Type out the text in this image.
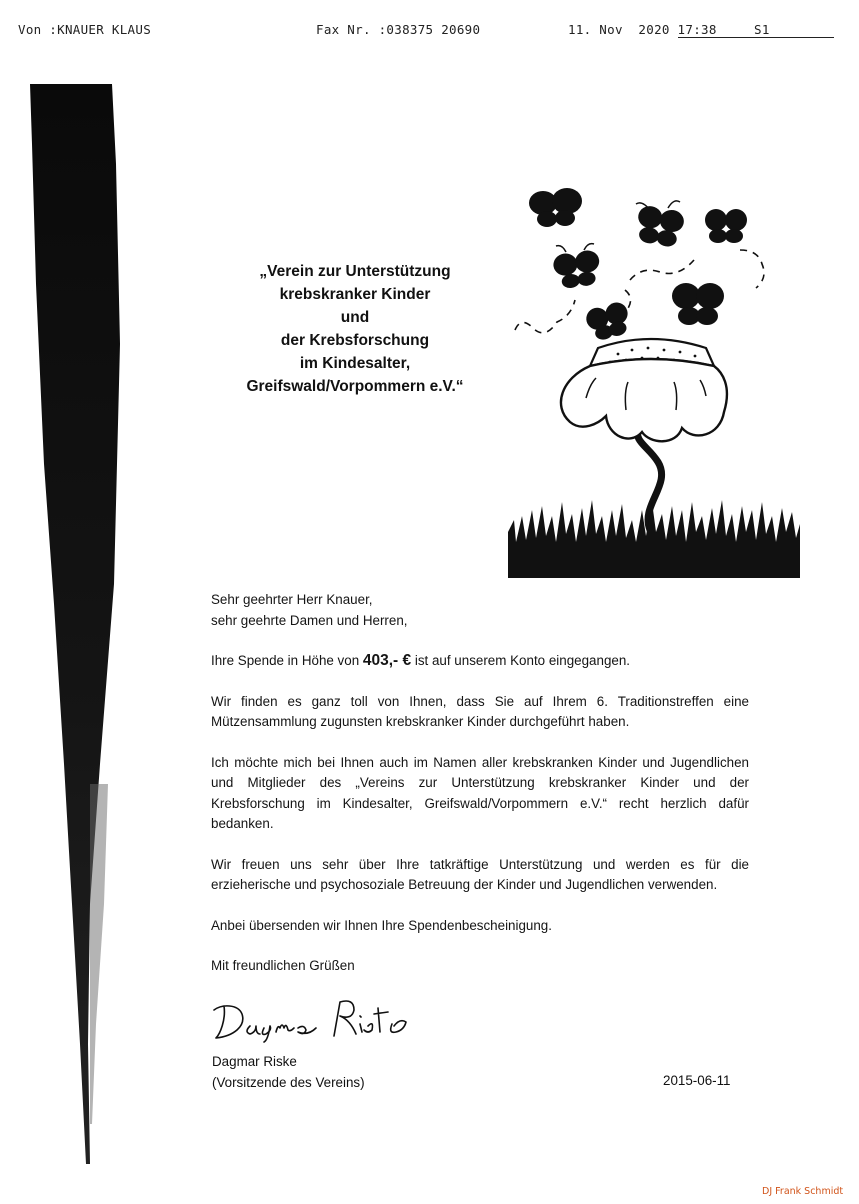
Von :KNAUER KLAUS	Fax Nr. :038375 20690	11. Nov  2020 17:38	S1
„Verein zur Unterstützung
krebskranker Kinder
und
der Krebsforschung
im Kindesalter,
Greifswald/Vorpommern e.V.“

Sehr geehrter Herr Knauer,

sehr geehrte Damen und Herren,

Ihre Spende in Höhe von 403,- € ist auf unserem Konto eingegangen.

Wir finden es ganz toll von Ihnen, dass Sie auf Ihrem 6. Traditionstreffen eine Mützensammlung zugunsten krebskranker Kinder durchgeführt haben.

Ich möchte mich bei Ihnen auch im Namen aller krebskranken Kinder und Jugendlichen und Mitglieder des „Vereins zur Unterstützung krebskranker Kinder und der Krebsforschung im Kindesalter, Greifswald/Vorpommern e.V.“ recht herzlich dafür bedanken.

Wir freuen uns sehr über Ihre tatkräftige Unterstützung und werden es für die erzieherische und psychosoziale Betreuung der Kinder und Jugendlichen verwenden.

Anbei übersenden wir Ihnen Ihre Spendenbescheinigung.

Mit freundlichen Grüßen

Dagmar Riske
(Vorsitzende des Vereins)	2015-06-11
DJ Frank Schmidt
